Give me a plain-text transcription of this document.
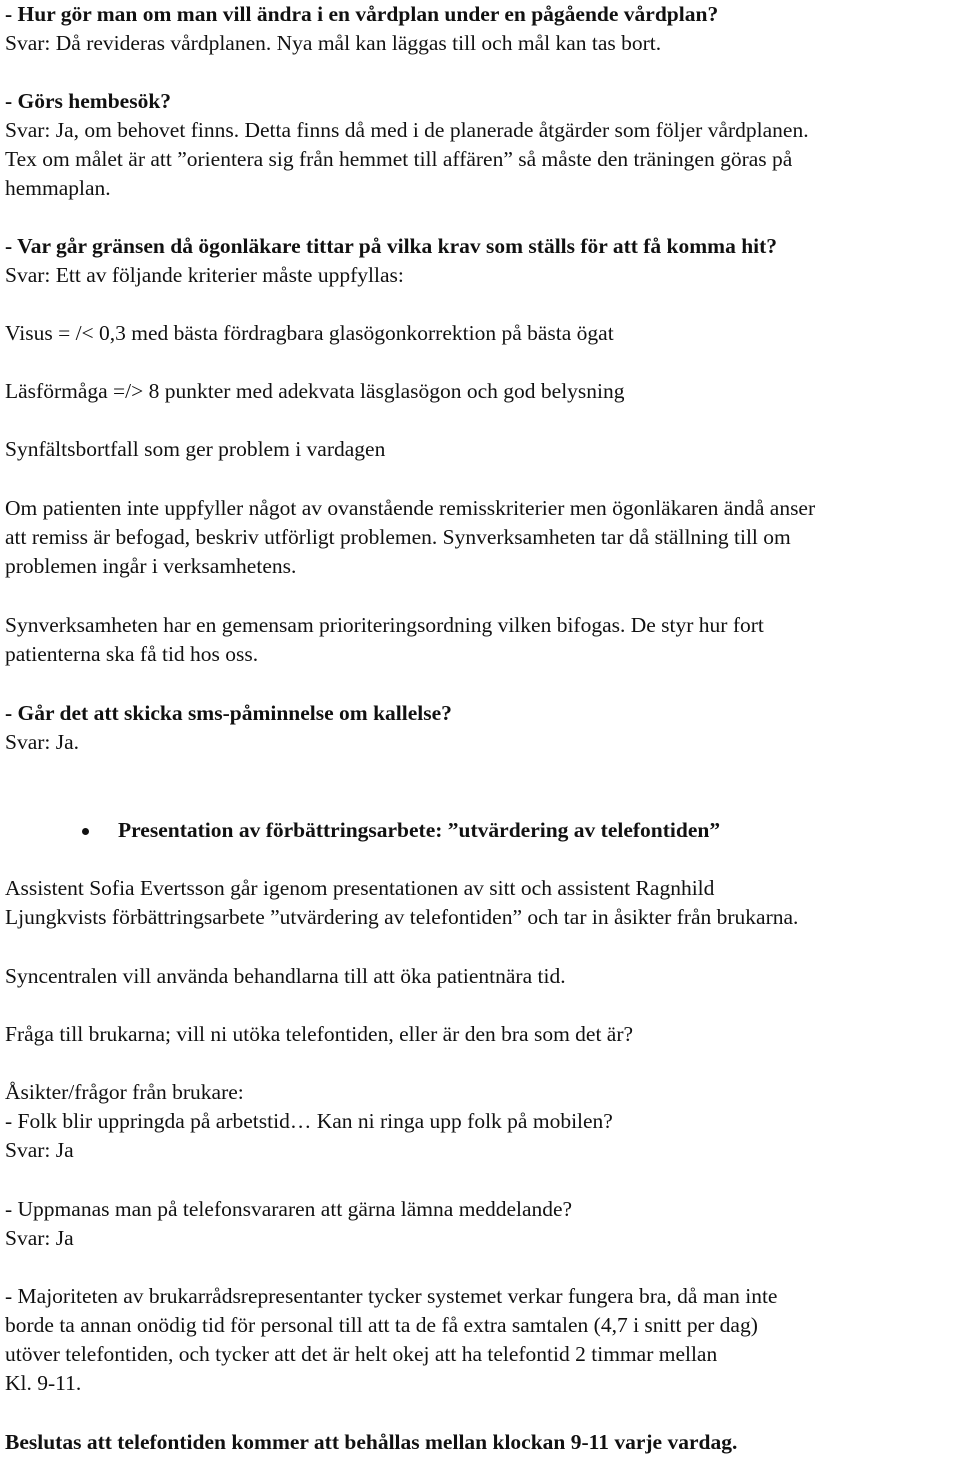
- Hur gör man om man vill ändra i en vårdplan under en pågående vårdplan?
Svar: Då revideras vårdplanen. Nya mål kan läggas till och mål kan tas bort.
- Görs hembesök?
Svar: Ja, om behovet finns. Detta finns då med i de planerade åtgärder som följer vårdplanen.
Tex om målet är att ”orientera sig från hemmet till affären” så måste den träningen göras på
hemmaplan.
- Var går gränsen då ögonläkare tittar på vilka krav som ställs för att få komma hit?
Svar: Ett av följande kriterier måste uppfyllas:
Visus = /< 0,3 med bästa fördragbara glasögonkorrektion på bästa ögat
Läsförmåga =/> 8 punkter med adekvata läsglasögon och god belysning
Synfältsbortfall som ger problem i vardagen
Om patienten inte uppfyller något av ovanstående remisskriterier men ögonläkaren ändå anser
att remiss är befogad, beskriv utförligt problemen. Synverksamheten tar då ställning till om
problemen ingår i verksamhetens.
Synverksamheten har en gemensam prioriteringsordning vilken bifogas. De styr hur fort
patienterna ska få tid hos oss.
- Går det att skicka sms-påminnelse om kallelse?
Svar: Ja.
Presentation av förbättringsarbete: ”utvärdering av telefontiden”
Assistent Sofia Evertsson går igenom presentationen av sitt och assistent Ragnhild
Ljungkvists förbättringsarbete ”utvärdering av telefontiden” och tar in åsikter från brukarna.
Syncentralen vill använda behandlarna till att öka patientnära tid.
Fråga till brukarna; vill ni utöka telefontiden, eller är den bra som det är?
Åsikter/frågor från brukare:
- Folk blir uppringda på arbetstid… Kan ni ringa upp folk på mobilen?
Svar: Ja
- Uppmanas man på telefonsvararen att gärna lämna meddelande?
Svar: Ja
- Majoriteten av brukarrådsrepresentanter tycker systemet verkar fungera bra, då man inte
borde ta annan onödig tid för personal till att ta de få extra samtalen (4,7 i snitt per dag)
utöver telefontiden, och tycker att det är helt okej att ha telefontid 2 timmar mellan
Kl. 9-11.
Beslutas att telefontiden kommer att behållas mellan klockan 9-11 varje vardag.
